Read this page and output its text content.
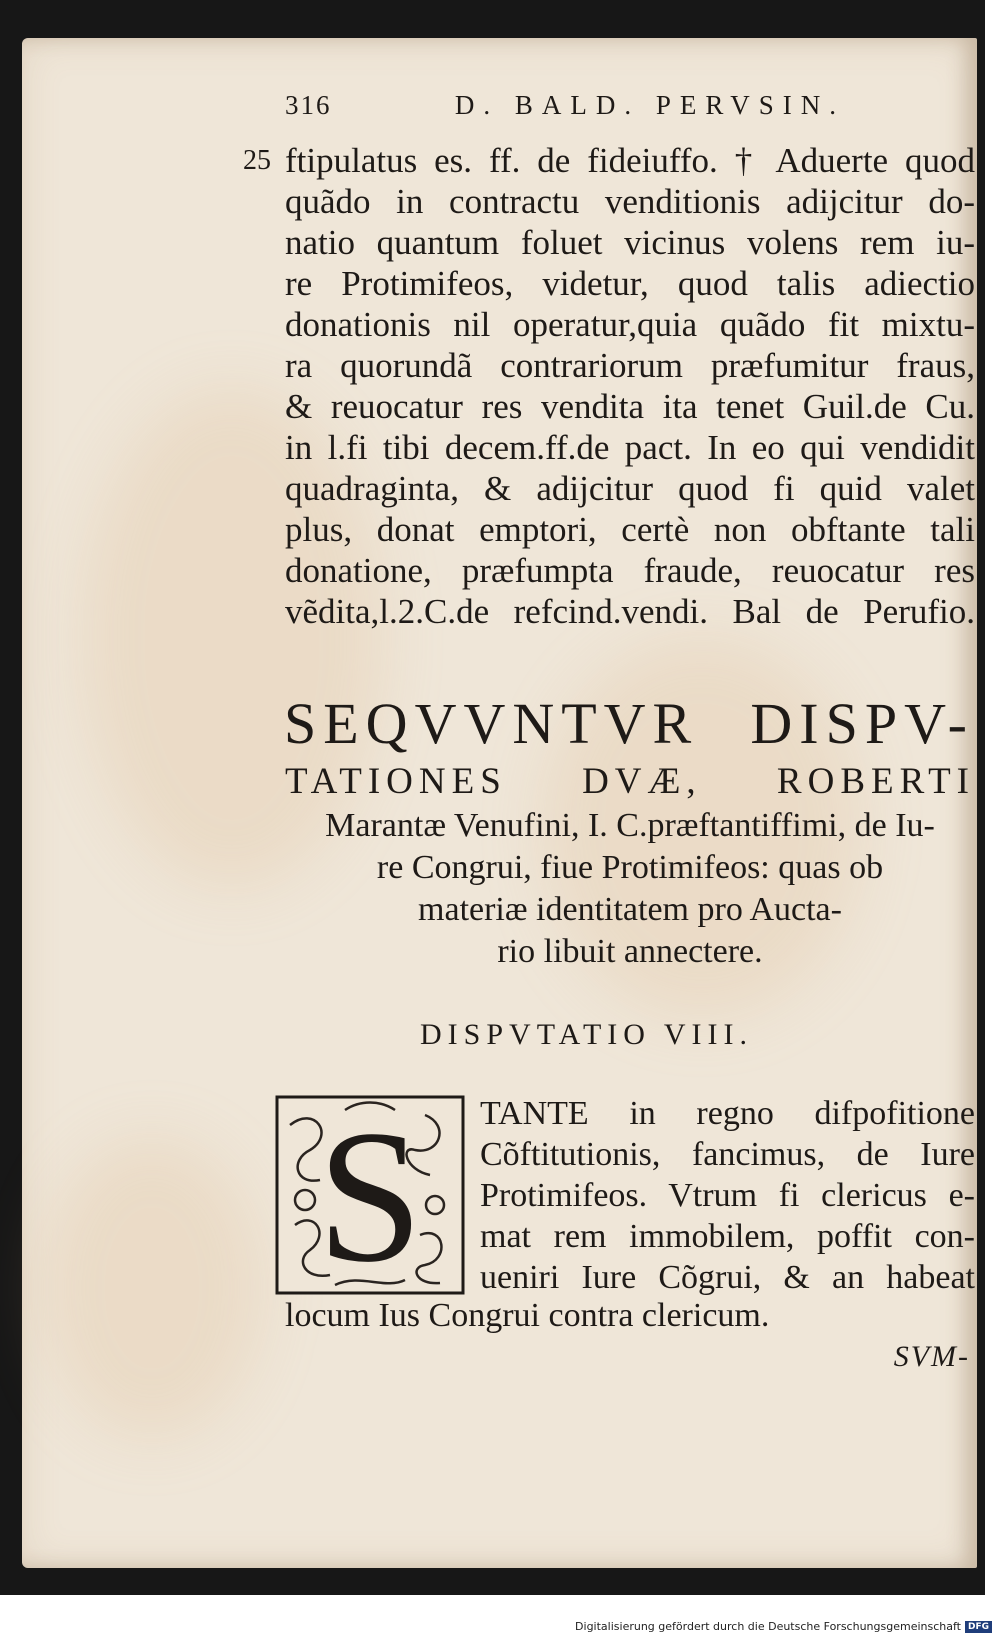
316	D. BALD. PERVSIN.
25 ftipulatus es. ff. de fideiuffo. † Aduerte quod
quãdo in contractu venditionis adijcitur do-
natio quantum foluet vicinus volens rem iu-
re Protimifeos, videtur, quod talis adiectio
donationis nil operatur,quia quãdo fit mixtu-
ra quorundã contrariorum præfumitur fraus,
& reuocatur res vendita ita tenet Guil.de Cu.
in l.fi tibi decem.ff.de pact. In eo qui vendidit
quadraginta, & adijcitur quod fi quid valet
plus, donat emptori, certè non obftante tali
donatione, præfumpta fraude, reuocatur res
vẽdita,l.2.C.de refcind.vendi. Bal de Perufio.
SEQVVNTVR DISPV-
TATIONES DVÆ, ROBERTI
Marantæ Venufini, I. C.præftantiffimi, de Iu-
re Congrui, fiue Protimifeos: quas ob
materiæ identitatem pro Aucta-
rio libuit annectere.
DISPVTATIO VIII.
S TANTE in regno difpofitione
Cõftitutionis, fancimus, de Iure
Protimifeos. Vtrum fi clericus e-
mat rem immobilem, poffit con-
ueniri Iure Cõgrui, & an habeat
locum Ius Congrui contra clericum.
SVM-
Digitalisierung gefördert durch die Deutsche Forschungsgemeinschaft DFG
